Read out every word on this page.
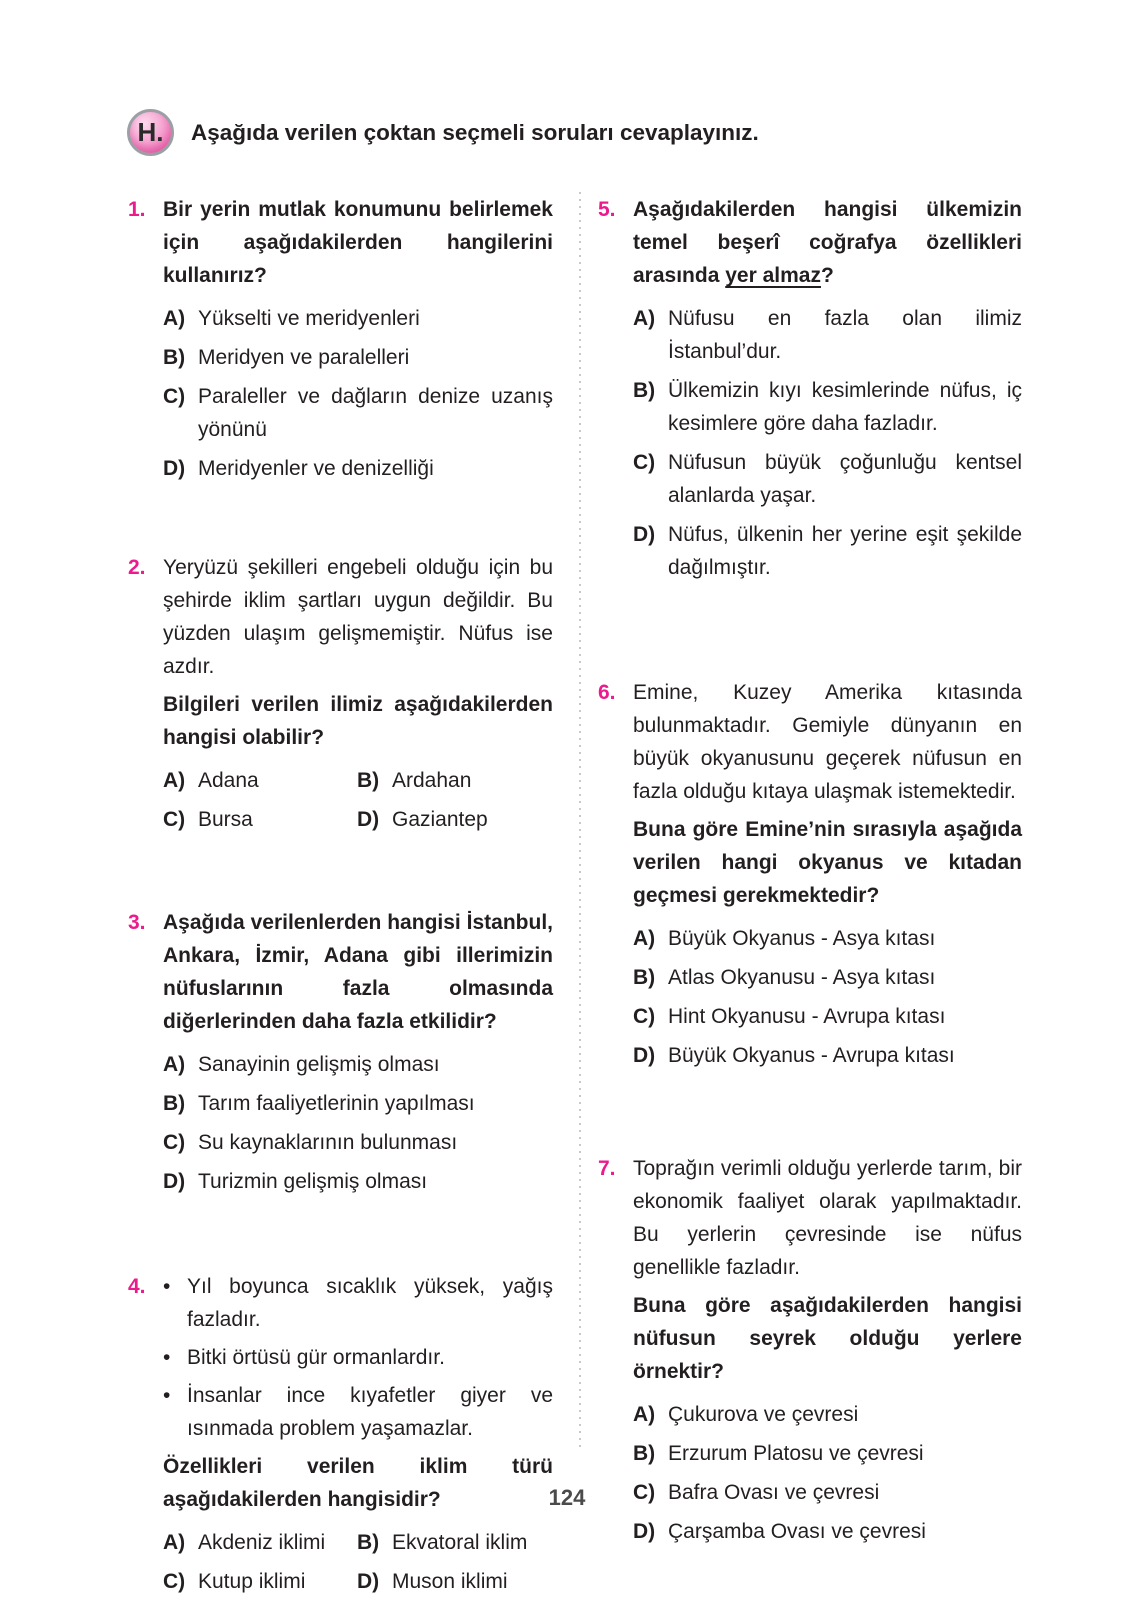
H. Aşağıda verilen çoktan seçmeli soruları cevaplayınız.
1. Bir yerin mutlak konumunu belirlemek için aşağıdakilerden hangilerini kullanırız?

A) Yükselti ve meridyenleri
B) Meridyen ve paralelleri
C) Paraleller ve dağların denize uzanış yönünü
D) Meridyenler ve denizelliği
2. Yeryüzü şekilleri engebeli olduğu için bu şehirde iklim şartları uygun değildir. Bu yüzden ulaşım gelişmemiştir. Nüfus ise azdır.

Bilgileri verilen ilimiz aşağıdakilerden hangisi olabilir?

A) Adana	B) Ardahan
C) Bursa	D) Gaziantep
3. Aşağıda verilenlerden hangisi İstanbul, Ankara, İzmir, Adana gibi illerimizin nüfuslarının fazla olmasında diğerlerinden daha fazla etkilidir?

A) Sanayinin gelişmiş olması
B) Tarım faaliyetlerinin yapılması
C) Su kaynaklarının bulunması
D) Turizmin gelişmiş olması
4. • Yıl boyunca sıcaklık yüksek, yağış fazladır.
• Bitki örtüsü gür ormanlardır.
• İnsanlar ince kıyafetler giyer ve ısınmada problem yaşamazlar.

Özellikleri verilen iklim türü aşağıdakilerden hangisidir?

A) Akdeniz iklimi	B) Ekvatoral iklim
C) Kutup iklimi	D) Muson iklimi
5. Aşağıdakilerden hangisi ülkemizin temel beşerî coğrafya özellikleri arasında yer almaz?

A) Nüfusu en fazla olan ilimiz İstanbul’dur.
B) Ülkemizin kıyı kesimlerinde nüfus, iç kesimlere göre daha fazladır.
C) Nüfusun büyük çoğunluğu kentsel alanlarda yaşar.
D) Nüfus, ülkenin her yerine eşit şekilde dağılmıştır.
6. Emine, Kuzey Amerika kıtasında bulunmaktadır. Gemiyle dünyanın en büyük okyanusunu geçerek nüfusun en fazla olduğu kıtaya ulaşmak istemektedir.

Buna göre Emine’nin sırasıyla aşağıda verilen hangi okyanus ve kıtadan geçmesi gerekmektedir?

A) Büyük Okyanus - Asya kıtası
B) Atlas Okyanusu - Asya kıtası
C) Hint Okyanusu - Avrupa kıtası
D) Büyük Okyanus - Avrupa kıtası
7. Toprağın verimli olduğu yerlerde tarım, bir ekonomik faaliyet olarak yapılmaktadır. Bu yerlerin çevresinde ise nüfus genellikle fazladır.

Buna göre aşağıdakilerden hangisi nüfusun seyrek olduğu yerlere örnektir?

A) Çukurova ve çevresi
B) Erzurum Platosu ve çevresi
C) Bafra Ovası ve çevresi
D) Çarşamba Ovası ve çevresi
124
